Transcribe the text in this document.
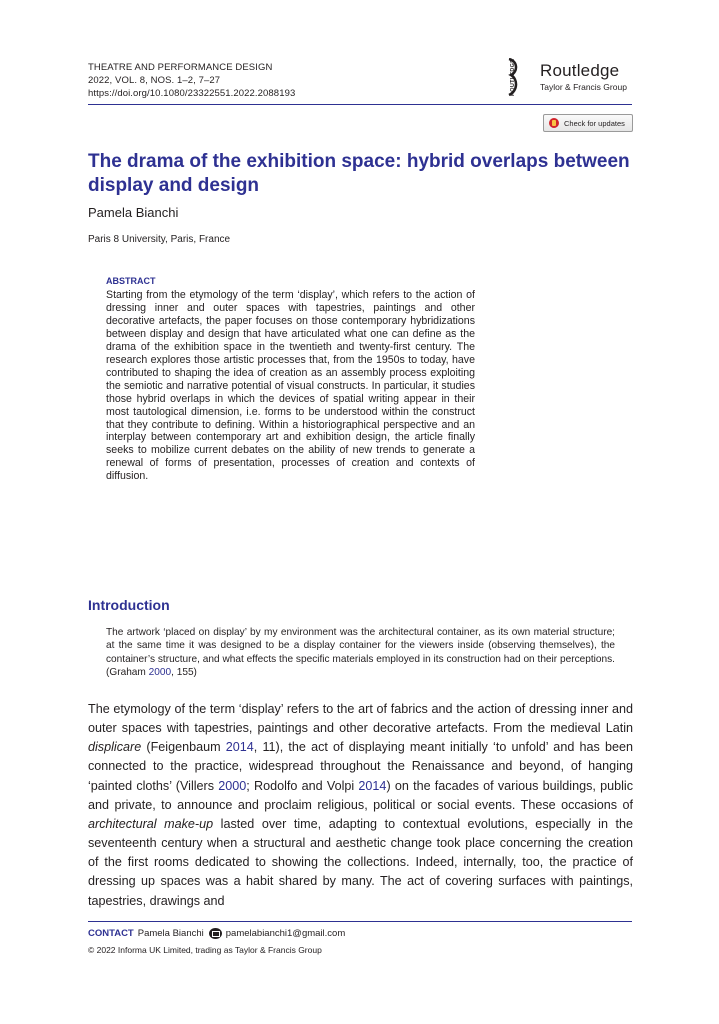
THEATRE AND PERFORMANCE DESIGN
2022, VOL. 8, NOS. 1–2, 7–27
https://doi.org/10.1080/23322551.2022.2088193	ROUTLEDGE Routledge
Taylor & Francis Group
Check for updates
The drama of the exhibition space: hybrid overlaps between display and design
Pamela Bianchi
Paris 8 University, Paris, France
ABSTRACT
Starting from the etymology of the term ‘display’, which refers to the action of dressing inner and outer spaces with tapestries, paintings and other decorative artefacts, the paper focuses on those contemporary hybridizations between display and design that have articulated what one can define as the drama of the exhibition space in the twentieth and twenty-first century. The research explores those artistic processes that, from the 1950s to today, have contributed to shaping the idea of creation as an assembly process exploiting the semiotic and narrative potential of visual constructs. In particular, it studies those hybrid overlaps in which the devices of spatial writing appear in their most tautological dimension, i.e. forms to be understood within the construct that they contribute to defining. Within a historiographical perspective and an interplay between contemporary art and exhibition design, the article finally seeks to mobilize current debates on the ability of new trends to generate a renewal of forms of presentation, processes of creation and contexts of diffusion.
Introduction
The artwork ‘placed on display’ by my environment was the architectural container, as its own material structure; at the same time it was designed to be a display container for the viewers inside (observing themselves), the container’s structure, and what effects the specific materials employed in its construction had on their perceptions. (Graham 2000, 155)
The etymology of the term ‘display’ refers to the art of fabrics and the action of dressing inner and outer spaces with tapestries, paintings and other decorative artefacts. From the medieval Latin displicare (Feigenbaum 2014, 11), the act of displaying meant initially ‘to unfold’ and has been connected to the practice, widespread throughout the Renaissance and beyond, of hanging ‘painted cloths’ (Villers 2000; Rodolfo and Volpi 2014) on the facades of various buildings, public and private, to announce and proclaim religious, political or social events. These occasions of architectural make-up lasted over time, adapting to contextual evolutions, especially in the seventeenth century when a structural and aesthetic change took place concerning the creation of the first rooms dedicated to showing the collections. Indeed, internally, too, the practice of dressing up spaces was a habit shared by many. The act of covering surfaces with paintings, tapestries, drawings and
CONTACT Pamela Bianchi pamelabianchi1@gmail.com
© 2022 Informa UK Limited, trading as Taylor & Francis Group
